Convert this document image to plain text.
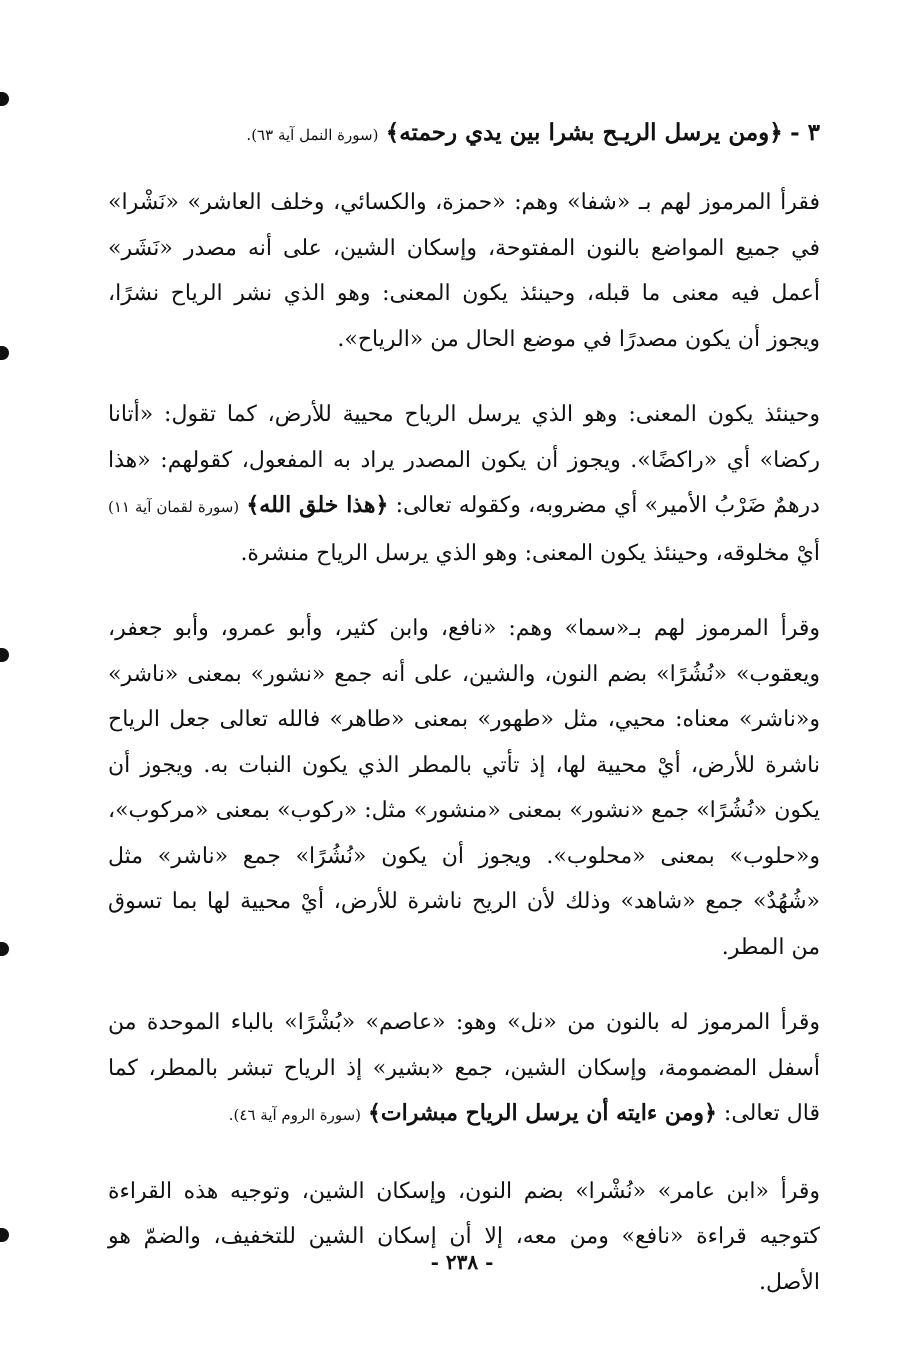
٣ - ﴿ومن يرسل الريـح بشرا بين يدي رحمته﴾ (سورة النمل آية ٦٣).

فقرأ المرموز لهم بـ «شفا» وهم: «حمزة، والكسائي، وخلف العاشر» «نَشْرا» في جميع المواضع بالنون المفتوحة، وإسكان الشين، على أنه مصدر «نَشَر» أعمل فيه معنى ما قبله، وحينئذ يكون المعنى: وهو الذي نشر الرياح نشرًا، ويجوز أن يكون مصدرًا في موضع الحال من «الرياح».

وحينئذ يكون المعنى: وهو الذي يرسل الرياح محيية للأرض، كما تقول: «أتانا ركضا» أي «راكضًا». ويجوز أن يكون المصدر يراد به المفعول، كقولهم: «هذا درهمٌ ضَرْبُ الأمير» أي مضروبه، وكقوله تعالى: ﴿هذا خلق الله﴾ (سورة لقمان آية ١١) أيْ مخلوقه، وحينئذ يكون المعنى: وهو الذي يرسل الرياح منشرة.

وقرأ المرموز لهم بـ«سما» وهم: «نافع، وابن كثير، وأبو عمرو، وأبو جعفر، ويعقوب» «نُشُرًا» بضم النون، والشين، على أنه جمع «نشور» بمعنى «ناشر» و«ناشر» معناه: محيي، مثل «طهور» بمعنى «طاهر» فالله تعالى جعل الرياح ناشرة للأرض، أيْ محيية لها، إذ تأتي بالمطر الذي يكون النبات به. ويجوز أن يكون «نُشُرًا» جمع «نشور» بمعنى «منشور» مثل: «ركوب» بمعنى «مركوب»، و«حلوب» بمعنى «محلوب». ويجوز أن يكون «نُشُرًا» جمع «ناشر» مثل «شُهُدٌ» جمع «شاهد» وذلك لأن الريح ناشرة للأرض، أيْ محيية لها بما تسوق من المطر.

وقرأ المرموز له بالنون من «نل» وهو: «عاصم» «بُشْرًا» بالباء الموحدة من أسفل المضمومة، وإسكان الشين، جمع «بشير» إذ الرياح تبشر بالمطر، كما قال تعالى: ﴿ومن ءايته أن يرسل الرياح مبشرات﴾ (سورة الروم آية ٤٦).

وقرأ «ابن عامر» «نُشْرا» بضم النون، وإسكان الشين، وتوجيه هذه القراءة كتوجيه قراءة «نافع» ومن معه، إلا أن إسكان الشين للتخفيف، والضمّ هو الأصل.

- ٢٣٨ -
